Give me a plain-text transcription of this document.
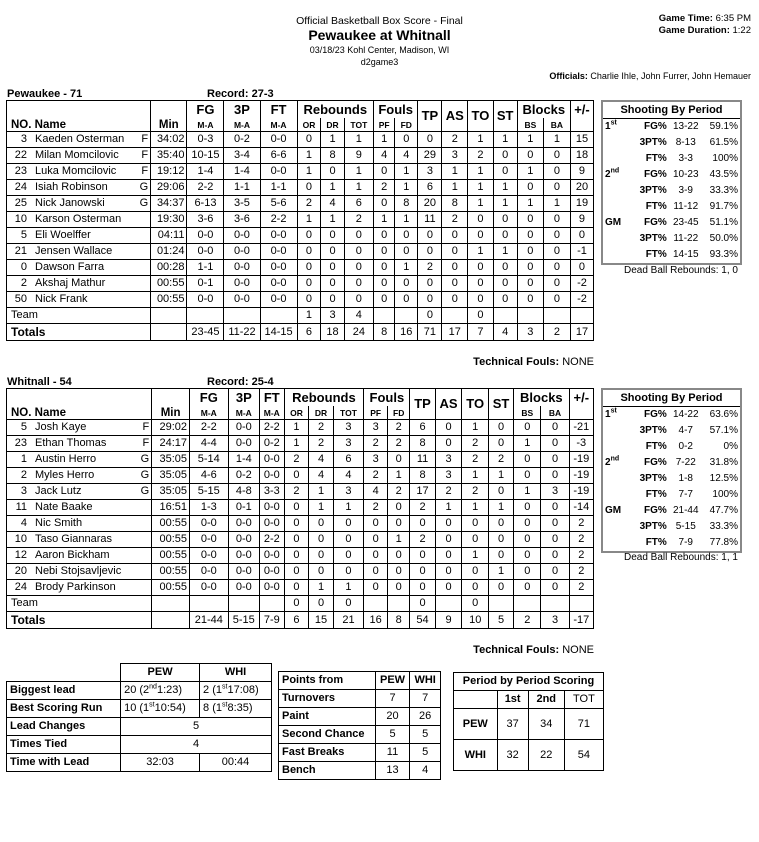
Official Basketball Box Score - Final
Pewaukee at Whitnall
03/18/23 Kohl Center, Madison, WI
d2game3
Game Time: 6:35 PM
Game Duration: 1:22
Officials: Charlie Ihle, John Furrer, John Hemauer
Pewaukee - 71	Record: 27-3
				FG	3P	FT	Rebounds			Fouls		TP	AS	TO	ST	Blocks		+/-
NO. Name			Min	M-A	M-A	M-A	OR	DR	TOT	PF	FD					BS	BA	
3	Kaeden Osterman	F	34:02	0-3	0-2	0-0	0	1	1	1	0	0	2	1	1	1	1	15
22	Milan Momcilovic	F	35:40	10-15	3-4	6-6	1	8	9	4	4	29	3	2	0	0	0	18
23	Luka Momcilovic	F	19:12	1-4	1-4	0-0	1	0	1	0	1	3	1	1	0	1	0	9
24	Isiah Robinson	G	29:06	2-2	1-1	1-1	0	1	1	2	1	6	1	1	1	0	0	20
25	Nick Janowski	G	34:37	6-13	3-5	5-6	2	4	6	0	8	20	8	1	1	1	1	19
10	Karson Osterman		19:30	3-6	3-6	2-2	1	1	2	1	1	11	2	0	0	0	0	9
5	Eli Woelffer		04:11	0-0	0-0	0-0	0	0	0	0	0	0	0	0	0	0	0	0
21	Jensen Wallace		01:24	0-0	0-0	0-0	0	0	0	0	0	0	0	1	1	0	0	-1
0	Dawson Farra		00:28	1-1	0-0	0-0	0	0	0	0	1	2	0	0	0	0	0	0
2	Akshaj Mathur		00:55	0-1	0-0	0-0	0	0	0	0	0	0	0	0	0	0	0	-2
50	Nick Frank		00:55	0-0	0-0	0-0	0	0	0	0	0	0	0	0	0	0	0	-2
Team							1	3	4			0		0				
Totals				23-45	11-22	14-15	6	18	24	8	16	71	17	7	4	3	2	17
Technical Fouls: NONE
Shooting By Period			
1st	FG%	13-22	59.1%
	3PT%	8-13	61.5%
	FT%	3-3	100%
2nd	FG%	10-23	43.5%
	3PT%	3-9	33.3%
	FT%	11-12	91.7%
GM	FG%	23-45	51.1%
	3PT%	11-22	50.0%
	FT%	14-15	93.3%
Dead Ball Rebounds: 1, 0
Whitnall - 54	Record: 25-4
				FG	3P	FT	Rebounds			Fouls		TP	AS	TO	ST	Blocks		+/-
NO. Name			Min	M-A	M-A	M-A	OR	DR	TOT	PF	FD					BS	BA	
5	Josh Kaye	F	29:02	2-2	0-0	2-2	1	2	3	3	2	6	0	1	0	0	0	-21
23	Ethan Thomas	F	24:17	4-4	0-0	0-2	1	2	3	2	2	8	0	2	0	1	0	-3
1	Austin Herro	G	35:05	5-14	1-4	0-0	2	4	6	3	0	11	3	2	2	0	0	-19
2	Myles Herro	G	35:05	4-6	0-2	0-0	0	4	4	2	1	8	3	1	1	0	0	-19
3	Jack Lutz	G	35:05	5-15	4-8	3-3	2	1	3	4	2	17	2	2	0	1	3	-19
11	Nate Baake		16:51	1-3	0-1	0-0	0	1	1	2	0	2	1	1	1	0	0	-14
4	Nic Smith		00:55	0-0	0-0	0-0	0	0	0	0	0	0	0	0	0	0	0	2
10	Taso Giannaras		00:55	0-0	0-0	2-2	0	0	0	0	1	2	0	0	0	0	0	2
12	Aaron Bickham		00:55	0-0	0-0	0-0	0	0	0	0	0	0	0	1	0	0	0	2
20	Nebi Stojsavljevic		00:55	0-0	0-0	0-0	0	0	0	0	0	0	0	0	1	0	0	2
24	Brody Parkinson		00:55	0-0	0-0	0-0	0	1	1	0	0	0	0	0	0	0	0	2
Team							0	0	0			0		0				
Totals				21-44	5-15	7-9	6	15	21	16	8	54	9	10	5	2	3	-17
Technical Fouls: NONE
Shooting By Period			
1st	FG%	14-22	63.6%
	3PT%	4-7	57.1%
	FT%	0-2	0%
2nd	FG%	7-22	31.8%
	3PT%	1-8	12.5%
	FT%	7-7	100%
GM	FG%	21-44	47.7%
	3PT%	5-15	33.3%
	FT%	7-9	77.8%
Dead Ball Rebounds: 1, 1
	PEW	WHI
Biggest lead	20 (2nd1:23)	2 (1st17:08)
Best Scoring Run	10 (1st10:54)	8 (1st8:35)
Lead Changes	5	
Times Tied	4	
Time with Lead	32:03	00:44
Points from	PEW	WHI
Turnovers	7	7
Paint	20	26
Second Chance	5	5
Fast Breaks	11	5
Bench	13	4
Period by Period Scoring			
	1st	2nd	TOT
PEW	37	34	71
WHI	32	22	54
